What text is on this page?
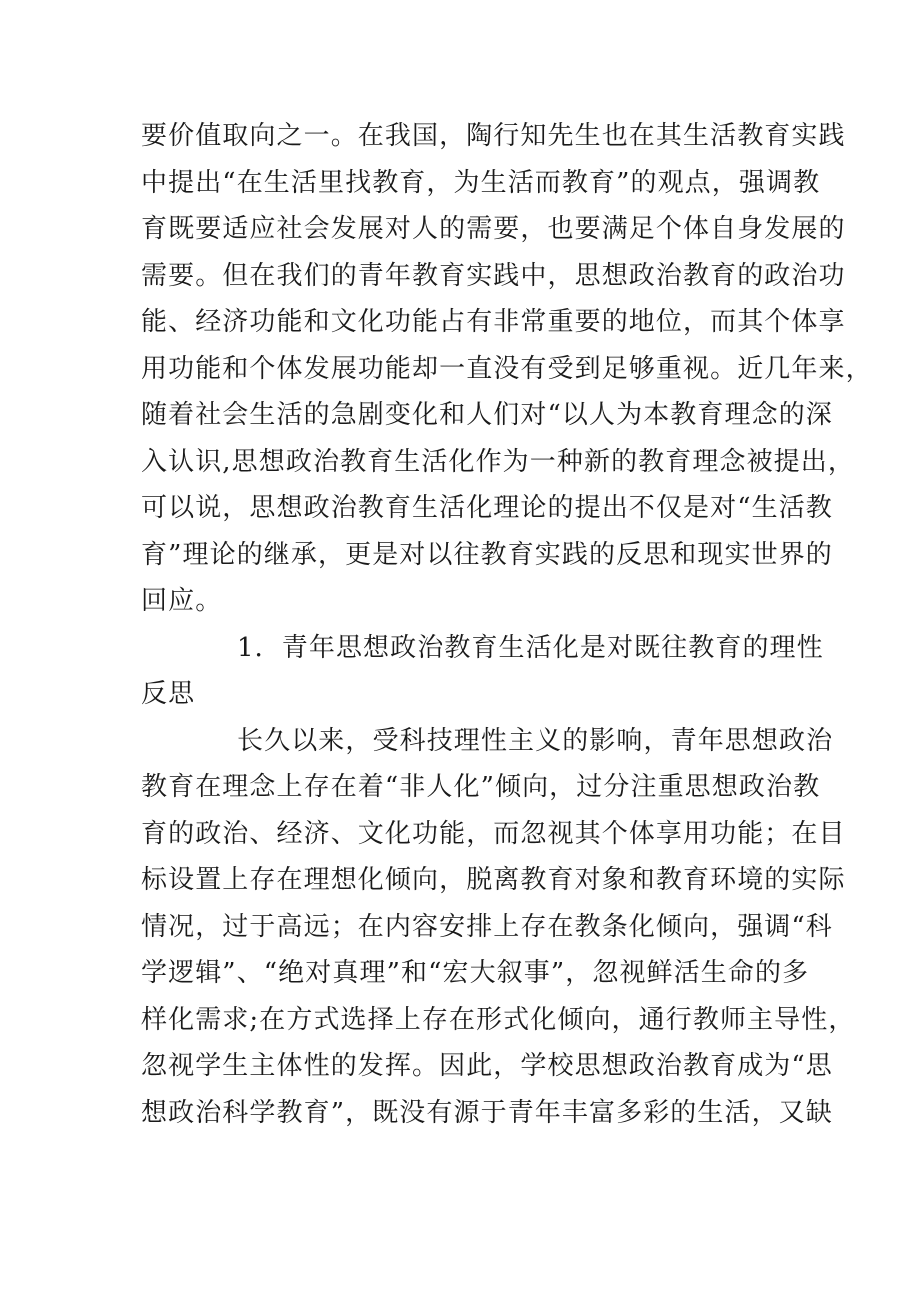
要价值取向之一。在我国，陶行知先生也在其生活教育实践
中提出“在生活里找教育，为生活而教育”的观点，强调教
育既要适应社会发展对人的需要，也要满足个体自身发展的
需要。但在我们的青年教育实践中，思想政治教育的政治功
能、经济功能和文化功能占有非常重要的地位，而其个体享
用功能和个体发展功能却一直没有受到足够重视。近几年来，
随着社会生活的急剧变化和人们对“以人为本教育理念的深
入认识,思想政治教育生活化作为一种新的教育理念被提出，
可以说，思想政治教育生活化理论的提出不仅是对“生活教
育”理论的继承，更是对以往教育实践的反思和现实世界的
回应。
1．青年思想政治教育生活化是对既往教育的理性
反思
长久以来，受科技理性主义的影响，青年思想政治
教育在理念上存在着“非人化”倾向，过分注重思想政治教
育的政治、经济、文化功能，而忽视其个体享用功能；在目
标设置上存在理想化倾向，脱离教育对象和教育环境的实际
情况，过于高远；在内容安排上存在教条化倾向，强调“科
学逻辑”、“绝对真理”和“宏大叙事”，忽视鲜活生命的多
样化需求;在方式选择上存在形式化倾向，通行教师主导性，
忽视学生主体性的发挥。因此，学校思想政治教育成为“思
想政治科学教育”，既没有源于青年丰富多彩的生活，又缺
